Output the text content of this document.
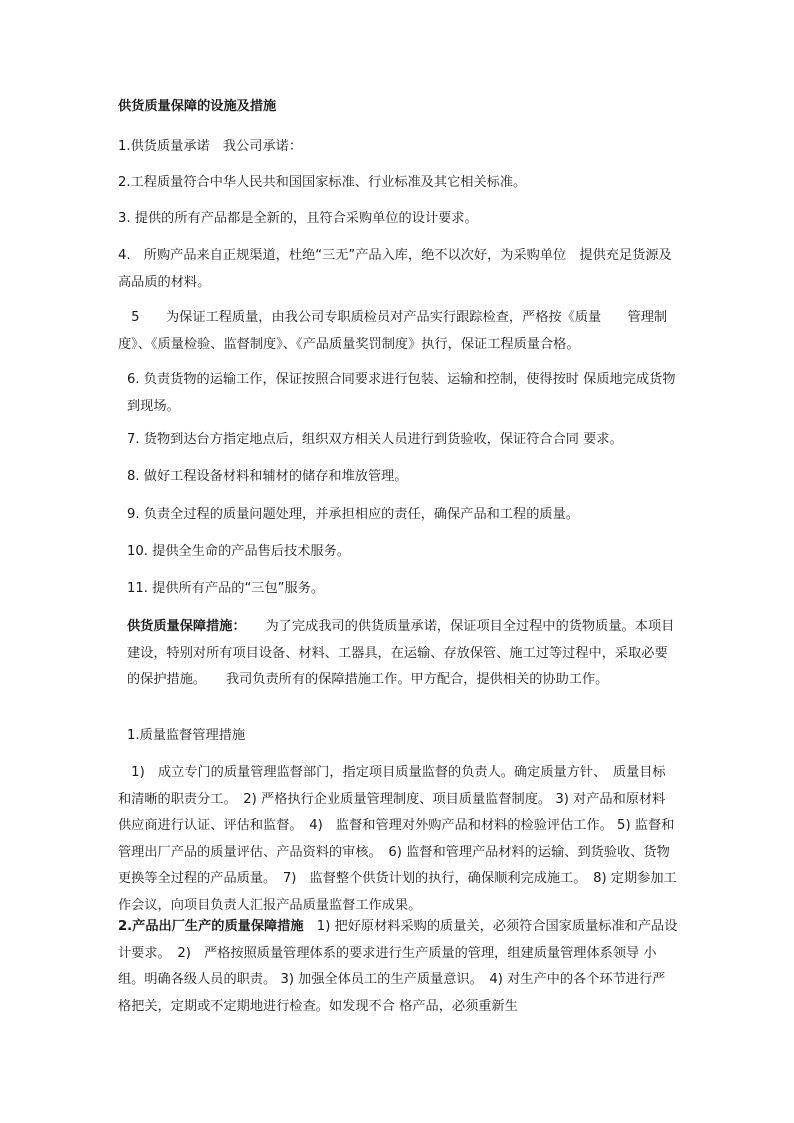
供货质量保障的设施及措施

1.供货质量承诺　我公司承诺：

2.工程质量符合中华人民共和国国家标准、行业标准及其它相关标准。

3. 提供的所有产品都是全新的，且符合采购单位的设计要求。

4.　所购产品来自正规渠道，杜绝“三无”产品入库，绝不以次好，为采购单位　提供充足货源及高品质的材料。

　5　　为保证工程质量，由我公司专职质检员对产品实行跟踪检查，严格按《质量　　管理制度》、《质量检验、监督制度》、《产品质量奖罚制度》执行，保证工程质量合格。

6. 负责货物的运输工作，保证按照合同要求进行包装、运输和控制，使得按时 保质地完成货物到现场。

7. 货物到达台方指定地点后，组织双方相关人员进行到货验收，保证符合合同 要求。

8. 做好工程设备材料和辅材的储存和堆放管理。

9. 负责全过程的质量问题处理，并承担相应的责任，确保产品和工程的质量。

10. 提供全生命的产品售后技术服务。

11. 提供所有产品的“三包”服务。

供货质量保障措施：　　为了完成我司的供货质量承诺，保证项目全过程中的货物质量。本项目建设，特别对所有项目设备、材料、工器具，在运输、存放保管、施工过等过程中，采取必要的保护措施。　　我司负责所有的保障措施工作。甲方配合，提供相关的协助工作。

1.质量监督管理措施

　1)　成立专门的质量管理监督部门，指定项目质量监督的负责人。确定质量方针、　质量目标和清晰的职责分工。　2) 严格执行企业质量管理制度、项目质量监督制度。 3) 对产品和原材料供应商进行认证、评估和监督。　4)　监督和管理对外购产品和材料的检验评估工作。 5) 监督和管理出厂产品的质量评估、产品资料的审核。　6) 监督和管理产品材料的运输、到货验收、货物更换等全过程的产品质量。　7)　监督整个供货计划的执行，确保顺利完成施工。　8) 定期参加工作会议，向项目负责人汇报产品质量监督工作成果。

2.产品出厂生产的质量保障措施　1) 把好原材料采购的质量关，必须符合国家质量标准和产品设计要求。　2)　严格按照质量管理体系的要求进行生产质量的管理，组建质量管理体系领导 小组。明确各级人员的职责。 3) 加强全体员工的生产质量意识。　4) 对生产中的各个环节进行严格把关，定期或不定期地进行检查。如发现不合 格产品，必须重新生
